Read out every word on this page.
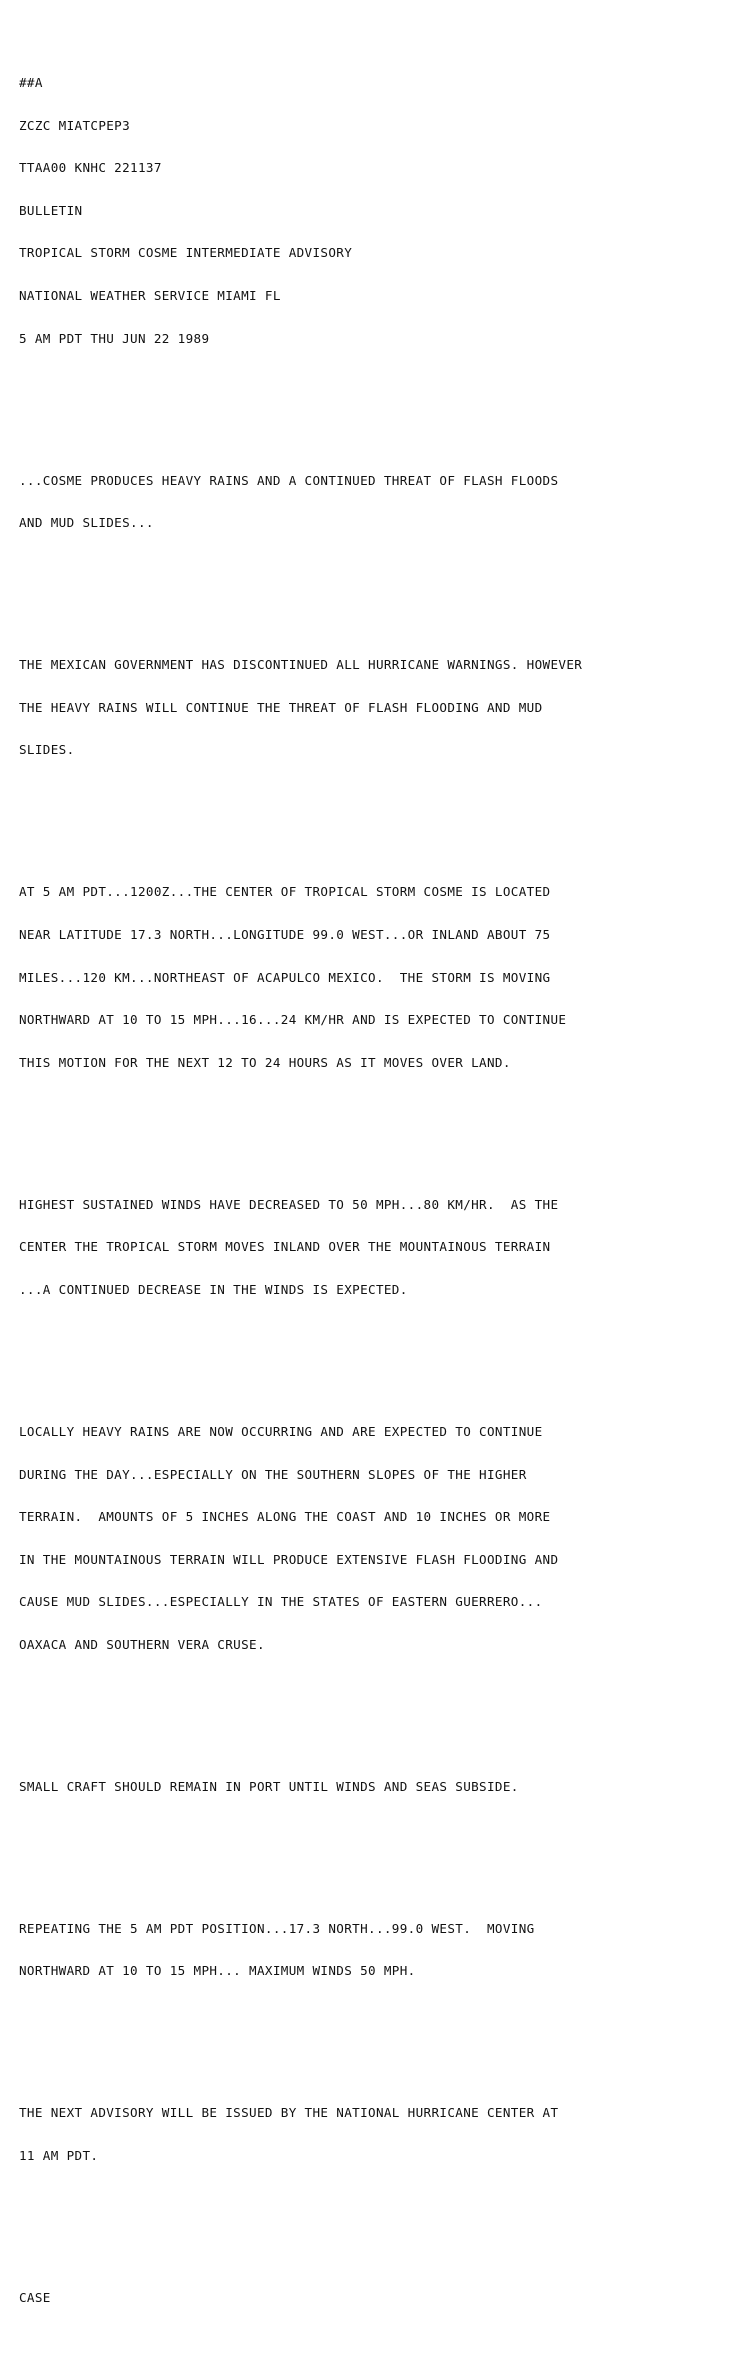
##A

ZCZC MIATCPEP3

TTAA00 KNHC 221137

BULLETIN

TROPICAL STORM COSME INTERMEDIATE ADVISORY

NATIONAL WEATHER SERVICE MIAMI FL

5 AM PDT THU JUN 22 1989

...COSME PRODUCES HEAVY RAINS AND A CONTINUED THREAT OF FLASH FLOODS

AND MUD SLIDES...

THE MEXICAN GOVERNMENT HAS DISCONTINUED ALL HURRICANE WARNINGS. HOWEVER

THE HEAVY RAINS WILL CONTINUE THE THREAT OF FLASH FLOODING AND MUD

SLIDES.

AT 5 AM PDT...1200Z...THE CENTER OF TROPICAL STORM COSME IS LOCATED

NEAR LATITUDE 17.3 NORTH...LONGITUDE 99.0 WEST...OR INLAND ABOUT 75

MILES...120 KM...NORTHEAST OF ACAPULCO MEXICO.  THE STORM IS MOVING

NORTHWARD AT 10 TO 15 MPH...16...24 KM/HR AND IS EXPECTED TO CONTINUE

THIS MOTION FOR THE NEXT 12 TO 24 HOURS AS IT MOVES OVER LAND.

HIGHEST SUSTAINED WINDS HAVE DECREASED TO 50 MPH...80 KM/HR.  AS THE

CENTER THE TROPICAL STORM MOVES INLAND OVER THE MOUNTAINOUS TERRAIN

...A CONTINUED DECREASE IN THE WINDS IS EXPECTED.

LOCALLY HEAVY RAINS ARE NOW OCCURRING AND ARE EXPECTED TO CONTINUE

DURING THE DAY...ESPECIALLY ON THE SOUTHERN SLOPES OF THE HIGHER

TERRAIN.  AMOUNTS OF 5 INCHES ALONG THE COAST AND 10 INCHES OR MORE

IN THE MOUNTAINOUS TERRAIN WILL PRODUCE EXTENSIVE FLASH FLOODING AND

CAUSE MUD SLIDES...ESPECIALLY IN THE STATES OF EASTERN GUERRERO...

OAXACA AND SOUTHERN VERA CRUSE.

SMALL CRAFT SHOULD REMAIN IN PORT UNTIL WINDS AND SEAS SUBSIDE.

REPEATING THE 5 AM PDT POSITION...17.3 NORTH...99.0 WEST.  MOVING

NORTHWARD AT 10 TO 15 MPH... MAXIMUM WINDS 50 MPH.

THE NEXT ADVISORY WILL BE ISSUED BY THE NATIONAL HURRICANE CENTER AT

11 AM PDT.

CASE
